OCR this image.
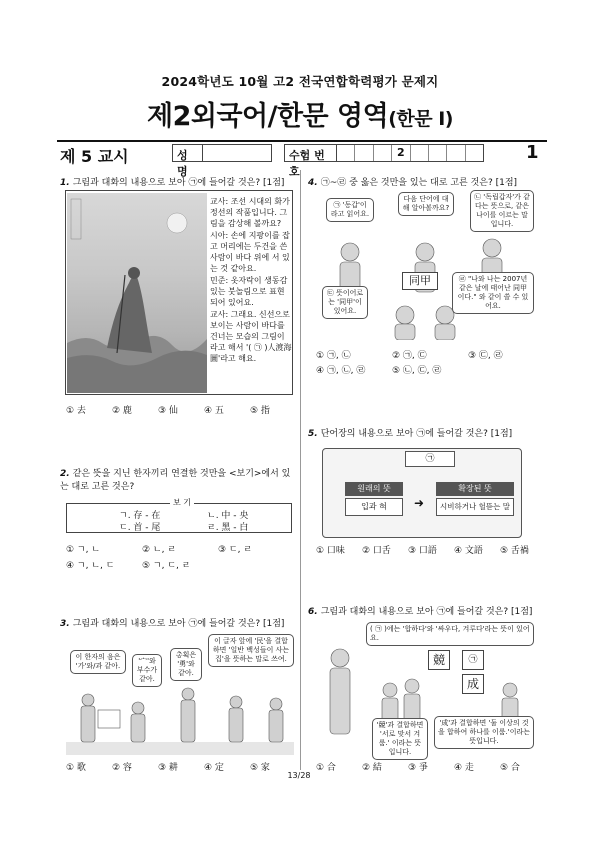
2024학년도 10월 고2 전국연합학력평가 문제지
제2외국어/한문 영역(한문 Ⅰ)
제 5 교시	성명
수험 번호
2	1
1. 그림과 대화의 내용으로 보아 ㉠에 들어갈 것은? [1점]

교사: 조선 시대의 화가 정선의 작품입니다. 그림을 감상해 볼까요?

시아: 손에 지팡이를 잡고 머리에는 두건을 쓴 사람이 바다 위에 서 있는 것 같아요.

민준: 옷자락이 생동감 있는 붓놀림으로 표현되어 있어요.

교사: 그래요. 신선으로 보이는 사람이 바다를 건너는 모습의 그림이라고 해서 '( ㉠ )人渡海圖'라고 해요.

① 去	② 鹿	③ 仙	④ 五	⑤ 指
2. 같은 뜻을 지닌 한자끼리 연결한 것만을 <보기>에서 있는 대로 고른 것은?
ㄱ. 存 - 在	ㄴ. 中 - 央
ㄷ. 首 - 尾	ㄹ. 黑 - 白
보 기
① ㄱ, ㄴ	② ㄴ, ㄹ	③ ㄷ, ㄹ
④ ㄱ, ㄴ, ㄷ	⑤ ㄱ, ㄷ, ㄹ
3. 그림과 대화의 내용으로 보아 ㉠에 들어갈 것은? [1점]
이 한자의 음은 '가'와/과 같아.
'宀'와 부수가 같아.
총획은 '勇'와 같아.
이 글자 앞에 '民'을 결합하면 '일반 백성들이 사는 집'을 뜻하는 말로 쓰여.
① 歌	② 容	③ 耕	④ 定	⑤ 家
4. ㉠~㉣ 중 옳은 것만을 있는 대로 고른 것은? [1점]
㉠ '동갑'이라고 읽어요.
다음 단어에 대해 알아볼까요?
㉡ '독립갑자'가 같다는 뜻으로, 같은 나이를 이르는 말입니다.
㉢ 뜻이어로는 '同甲'이 있어요.
㉣ "나와 나는 2007년 같은 날에 태어난 同甲이다." 와 같이 쓸 수 있어요.
同甲
① ㉠, ㉡	② ㉠, ㉢	③ ㉢, ㉣
④ ㉠, ㉡, ㉣	⑤ ㉡, ㉢, ㉣
5. 단어장의 내용으로 보아 ㉠에 들어갈 것은? [1점]
㉠
원래의 뜻
입과 혀	➜
확장된 뜻
시비하거나 헐뜯는 말
① 口味	② 口舌	③ 口語	④ 文語	⑤ 舌禍
6. 그림과 대화의 내용으로 보아 ㉠에 들어갈 것은? [1점]
( ㉠ )에는 '합하다'와 '싸우다, 겨루다'라는 뜻이 있어요.
競	㉠
成
'競'과 결합하면 '서로 맞서 겨룸.' 이라는 뜻입니다.
'成'과 결합하면 '둘 이상의 것을 합하여 하나를 이룸.'이라는 뜻입니다.
① 合	② 結	③ 爭	④ 走	⑤ 合
13/28
